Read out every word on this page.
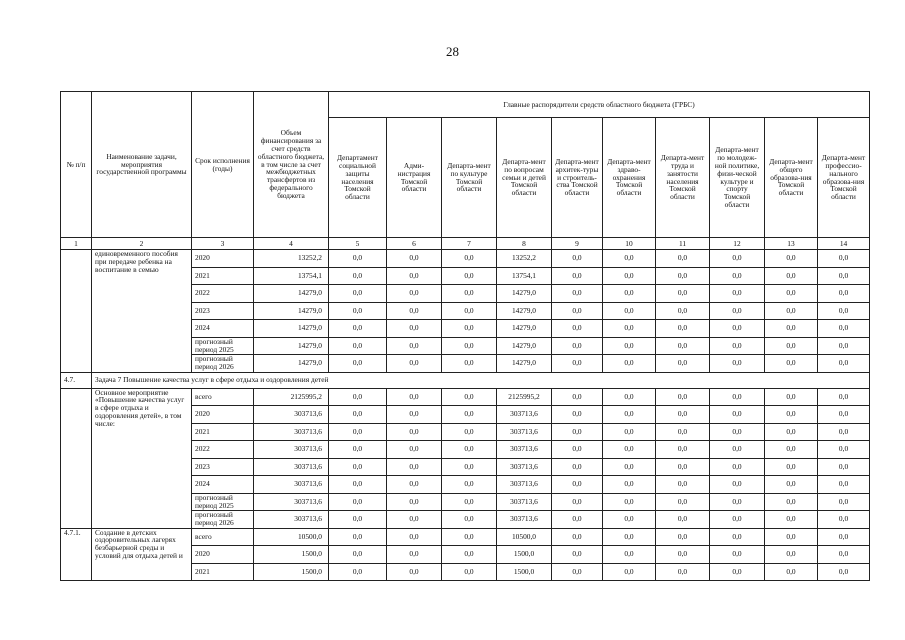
28
№ п/п	Наименование задачи, мероприятия государственной программы	Срок исполнения (годы)	Объем финансирования за счет средств областного бюджета, в том числе за счет межбюджетных трансфертов из федерального бюджета	Главные распорядители средств областного бюджета (ГРБС)									
				Департамент социальной защиты населения Томской области	Адми-нистрация Томской области	Департа-мент по культуре Томской области	Департа-мент по вопросам семьи и детей Томской области	Департа-мент архитек-туры и строитель-ства Томской области	Департа-мент здраво-охранения Томской области	Департа-мент труда и занятости населения Томской области	Департа-мент по молодеж-ной политике, физи-ческой культуре и спорту Томской области	Департа-мент общего образова-ния Томской области	Департа-мент профессио-нального образова-ния Томской области
1	2	3	4	5	6	7	8	9	10	11	12	13	14
	единовременного пособия при передаче ребенка на воспитание в семью	2020	13252,2	0,0	0,0	0,0	13252,2	0,0	0,0	0,0	0,0	0,0	0,0
		2021	13754,1	0,0	0,0	0,0	13754,1	0,0	0,0	0,0	0,0	0,0	0,0
		2022	14279,0	0,0	0,0	0,0	14279,0	0,0	0,0	0,0	0,0	0,0	0,0
		2023	14279,0	0,0	0,0	0,0	14279,0	0,0	0,0	0,0	0,0	0,0	0,0
		2024	14279,0	0,0	0,0	0,0	14279,0	0,0	0,0	0,0	0,0	0,0	0,0
		прогнозный период 2025	14279,0	0,0	0,0	0,0	14279,0	0,0	0,0	0,0	0,0	0,0	0,0
		прогнозный период 2026	14279,0	0,0	0,0	0,0	14279,0	0,0	0,0	0,0	0,0	0,0	0,0
4.7.	Задача 7 Повышение качества услуг в сфере отдыха и оздоровления детей												
	Основное мероприятие «Повышение качества услуг в сфере отдыха и оздоровления детей», в том числе:	всего	2125995,2	0,0	0,0	0,0	2125995,2	0,0	0,0	0,0	0,0	0,0	0,0
		2020	303713,6	0,0	0,0	0,0	303713,6	0,0	0,0	0,0	0,0	0,0	0,0
		2021	303713,6	0,0	0,0	0,0	303713,6	0,0	0,0	0,0	0,0	0,0	0,0
		2022	303713,6	0,0	0,0	0,0	303713,6	0,0	0,0	0,0	0,0	0,0	0,0
		2023	303713,6	0,0	0,0	0,0	303713,6	0,0	0,0	0,0	0,0	0,0	0,0
		2024	303713,6	0,0	0,0	0,0	303713,6	0,0	0,0	0,0	0,0	0,0	0,0
		прогнозный период 2025	303713,6	0,0	0,0	0,0	303713,6	0,0	0,0	0,0	0,0	0,0	0,0
		прогнозный период 2026	303713,6	0,0	0,0	0,0	303713,6	0,0	0,0	0,0	0,0	0,0	0,0
4.7.1.	Создание в детских оздоровительных лагерях безбарьерной среды и условий для отдыха детей и	всего	10500,0	0,0	0,0	0,0	10500,0	0,0	0,0	0,0	0,0	0,0	0,0
		2020	1500,0	0,0	0,0	0,0	1500,0	0,0	0,0	0,0	0,0	0,0	0,0
		2021	1500,0	0,0	0,0	0,0	1500,0	0,0	0,0	0,0	0,0	0,0	0,0
